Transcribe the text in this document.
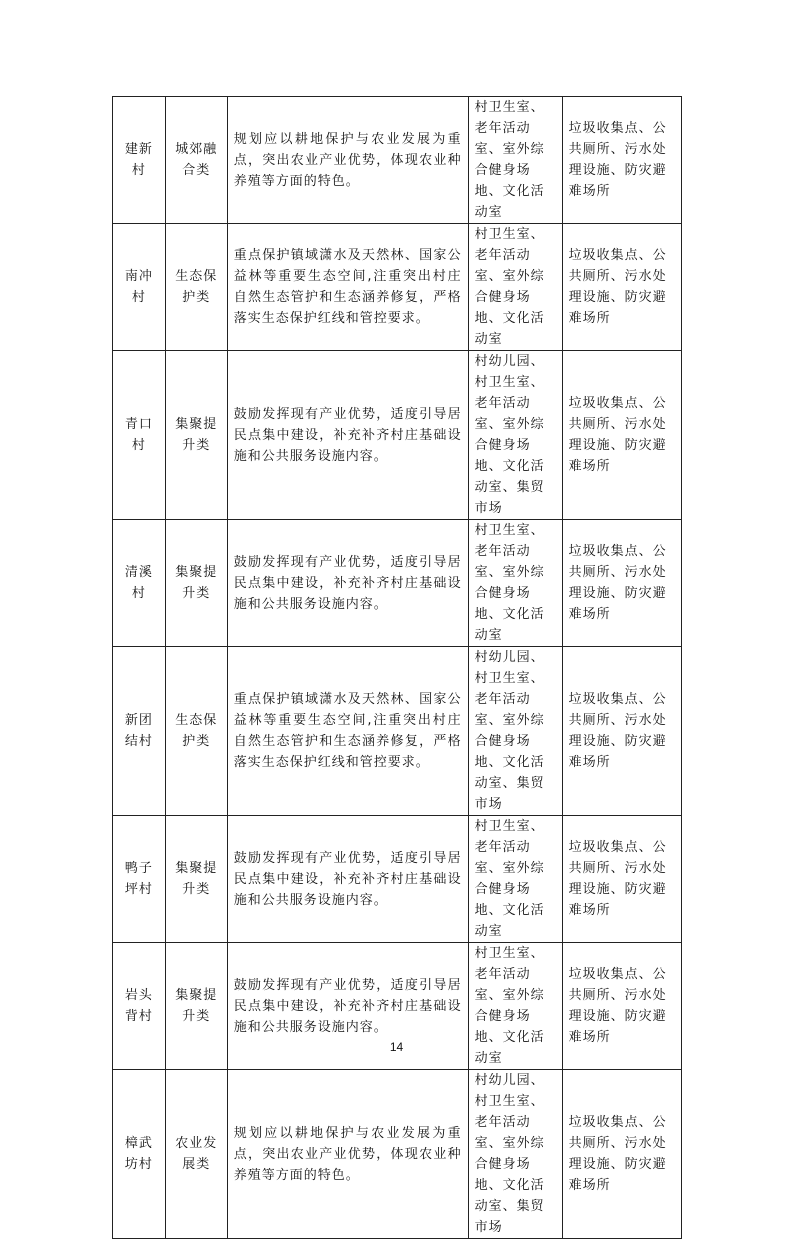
建新村	城郊融合类	规划应以耕地保护与农业发展为重点，突出农业产业优势，体现农业种养殖等方面的特色。	村卫生室、老年活动室、室外综合健身场地、文化活动室	垃圾收集点、公共厕所、污水处理设施、防灾避难场所
南冲村	生态保护类	重点保护镇域潇水及天然林、国家公益林等重要生态空间,注重突出村庄自然生态管护和生态涵养修复，严格落实生态保护红线和管控要求。	村卫生室、老年活动室、室外综合健身场地、文化活动室	垃圾收集点、公共厕所、污水处理设施、防灾避难场所
青口村	集聚提升类	鼓励发挥现有产业优势，适度引导居民点集中建设，补充补齐村庄基础设施和公共服务设施内容。	村幼儿园、村卫生室、老年活动室、室外综合健身场地、文化活动室、集贸市场	垃圾收集点、公共厕所、污水处理设施、防灾避难场所
清溪村	集聚提升类	鼓励发挥现有产业优势，适度引导居民点集中建设，补充补齐村庄基础设施和公共服务设施内容。	村卫生室、老年活动室、室外综合健身场地、文化活动室	垃圾收集点、公共厕所、污水处理设施、防灾避难场所
新团结村	生态保护类	重点保护镇域潇水及天然林、国家公益林等重要生态空间,注重突出村庄自然生态管护和生态涵养修复，严格落实生态保护红线和管控要求。	村幼儿园、村卫生室、老年活动室、室外综合健身场地、文化活动室、集贸市场	垃圾收集点、公共厕所、污水处理设施、防灾避难场所
鸭子坪村	集聚提升类	鼓励发挥现有产业优势，适度引导居民点集中建设，补充补齐村庄基础设施和公共服务设施内容。	村卫生室、老年活动室、室外综合健身场地、文化活动室	垃圾收集点、公共厕所、污水处理设施、防灾避难场所
岩头背村	集聚提升类	鼓励发挥现有产业优势，适度引导居民点集中建设，补充补齐村庄基础设施和公共服务设施内容。	村卫生室、老年活动室、室外综合健身场地、文化活动室	垃圾收集点、公共厕所、污水处理设施、防灾避难场所
樟武坊村	农业发展类	规划应以耕地保护与农业发展为重点，突出农业产业优势，体现农业种养殖等方面的特色。	村幼儿园、村卫生室、老年活动室、室外综合健身场地、文化活动室、集贸市场	垃圾收集点、公共厕所、污水处理设施、防灾避难场所
14
